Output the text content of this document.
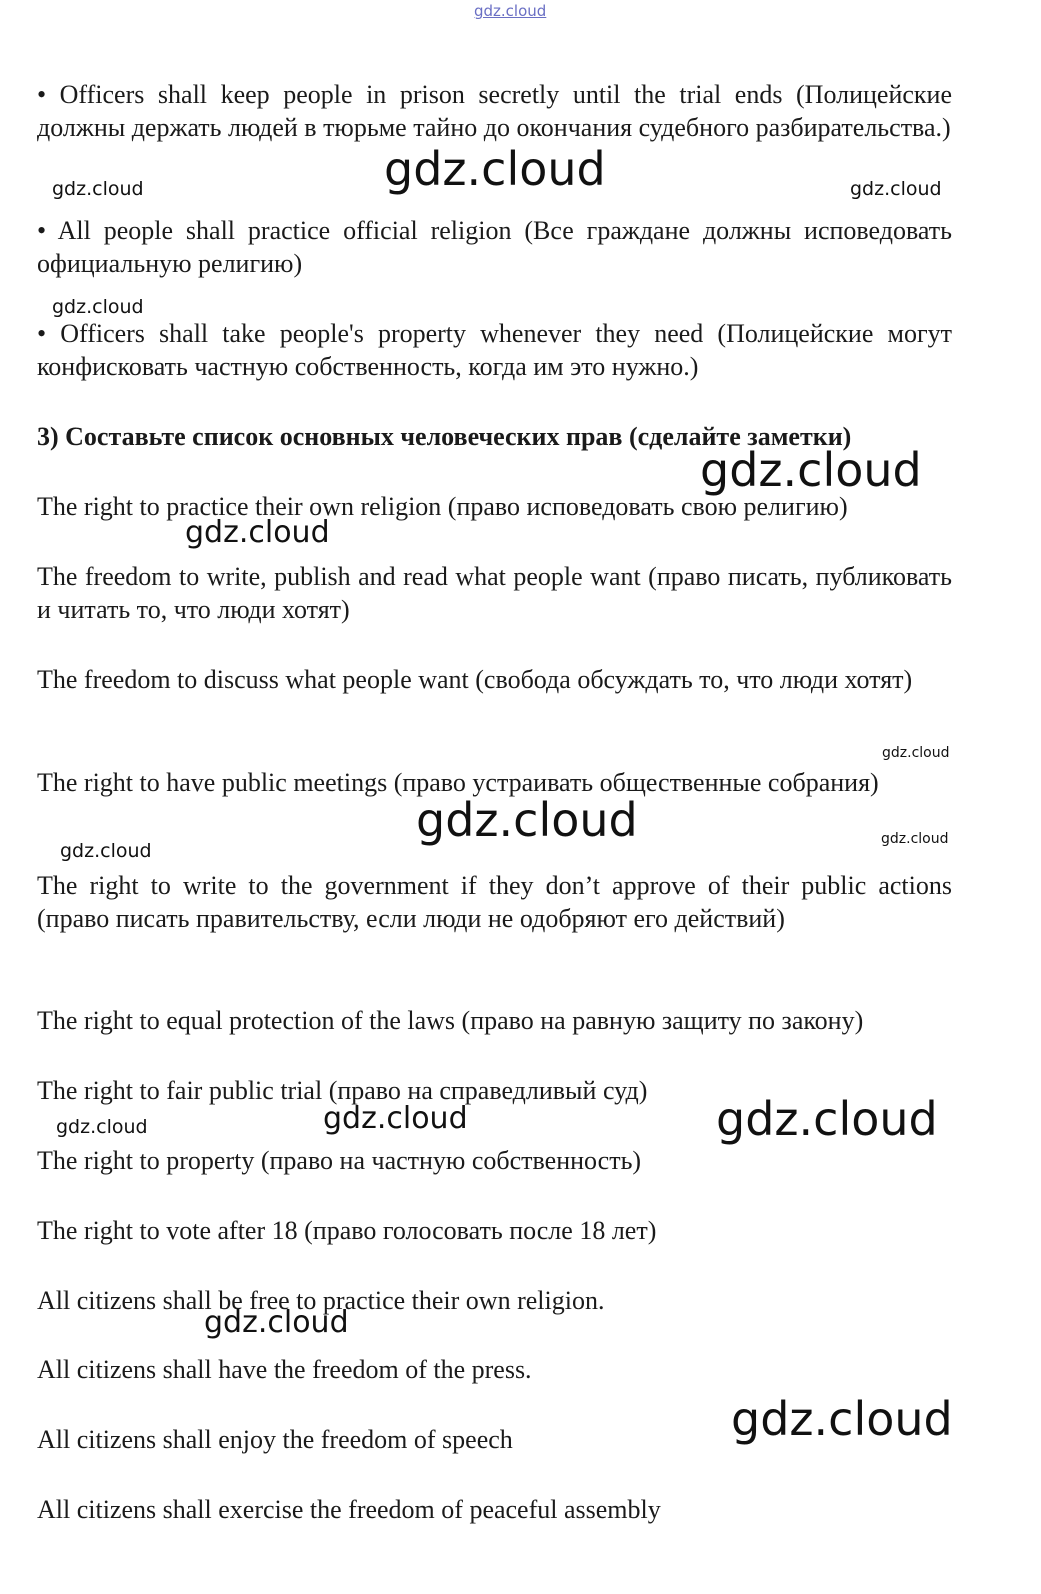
gdz.cloud

• Officers shall keep people in prison secretly until the trial ends (Полицейские должны держать людей в тюрьме тайно до окончания судебного разбирательства.)

• All people shall practice official religion (Все граждане должны исповедовать официальную религию)

• Officers shall take people's property whenever they need (Полицейские могут конфисковать частную собственность, когда им это нужно.)

3) Составьте список основных человеческих прав (сделайте заметки)

The right to practice their own religion (право исповедовать свою религию)

The freedom to write, publish and read what people want (право писать, публиковать и читать то, что люди хотят)

The freedom to discuss what people want (свобода обсуждать то, что люди хотят)

The right to have public meetings (право устраивать общественные собрания)

The right to write to the government if they don’t approve of their public actions (право писать правительству, если люди не одобряют его действий)

The right to equal protection of the laws (право на равную защиту по закону)

The right to fair public trial (право на справедливый суд)

The right to property (право на частную собственность)

The right to vote after 18 (право голосовать после 18 лет)

All citizens shall be free to practice their own religion.

All citizens shall have the freedom of the press.

All citizens shall enjoy the freedom of speech

All citizens shall exercise the freedom of peaceful assembly

gdz.cloud
gdz.cloud	gdz.cloud
gdz.cloud
gdz.cloud
gdz.cloud
gdz.cloud
gdz.cloud	gdz.cloud
gdz.cloud
gdz.cloud
gdz.cloud
gdz.cloud
gdz.cloud
gdz.cloud
